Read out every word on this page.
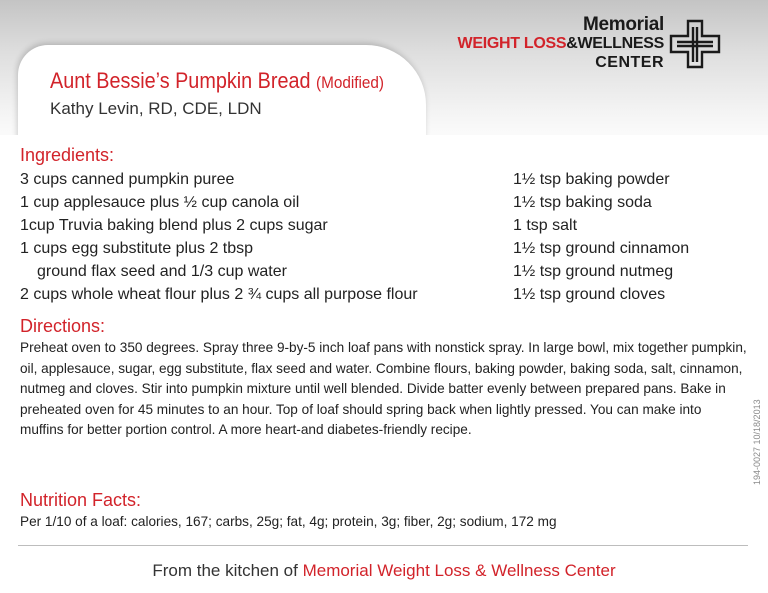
Aunt Bessie’s Pumpkin Bread (Modified)
Kathy Levin, RD, CDE, LDN
Memorial
WEIGHT LOSS&WELLNESS
CENTER
Ingredients:
3 cups canned pumpkin puree
1 cup applesauce plus ½ cup canola oil
1cup Truvia baking blend plus 2 cups sugar
1 cups egg substitute plus 2 tbsp
ground flax seed and 1/3 cup water
2 cups whole wheat flour plus 2 ¾ cups all purpose flour
1½ tsp baking powder
1½ tsp baking soda
1 tsp salt
1½ tsp ground cinnamon
1½ tsp ground nutmeg
1½ tsp ground cloves
Directions:
Preheat oven to 350 degrees. Spray three 9-by-5 inch loaf pans with nonstick spray. In large bowl, mix together pumpkin, oil, applesauce, sugar, egg substitute, flax seed and water. Combine flours, baking powder, baking soda, salt, cinnamon, nutmeg and cloves. Stir into pumpkin mixture until well blended. Divide batter evenly between prepared pans. Bake in preheated oven for 45 minutes to an hour. Top of loaf should spring back when lightly pressed. You can make into muffins for better portion control. A more heart-and diabetes-friendly recipe.
Nutrition Facts:
Per 1/10 of a loaf: calories, 167; carbs, 25g; fat, 4g; protein, 3g; fiber, 2g; sodium, 172 mg
194-0027 10/18/2013
From the kitchen of Memorial Weight Loss & Wellness Center
